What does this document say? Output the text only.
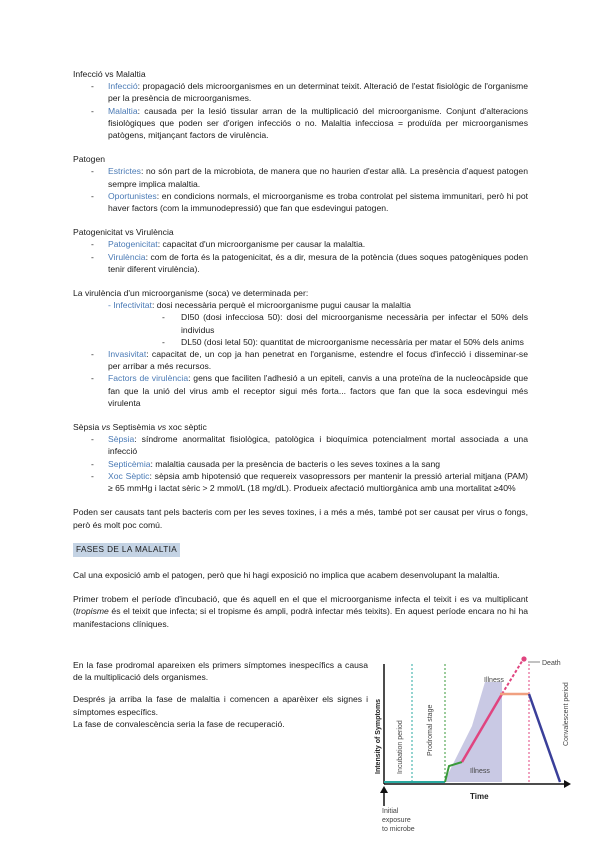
Infecció vs Malaltia

- Infecció: propagació dels microorganismes en un determinat teixit. Alteració de l'estat fisiològic de l'organisme per la presència de microorganismes.
- Malaltia: causada per la lesió tissular arran de la multiplicació del microorganisme. Conjunt d'alteracions fisiològiques que poden ser d'origen infecciós o no. Malaltia infecciosa = produïda per microorganismes patògens, mitjançant factors de virulència.

Patogen

- Estrictes: no són part de la microbiota, de manera que no haurien d'estar allà. La presència d'aquest patogen sempre implica malaltia.
- Oportunistes: en condicions normals, el microorganisme es troba controlat pel sistema immunitari, però hi pot haver factors (com la immunodepressió) que fan que esdevingui patogen.

Patogenicitat vs Virulència

- Patogenicitat: capacitat d'un microorganisme per causar la malaltia.
- Virulència: com de forta és la patogenicitat, és a dir, mesura de la potència (dues soques patogèniques poden tenir diferent virulència).

La virulència d'un microorganisme (soca) ve determinada per:

- Infectivitat: dosi necessària perquè el microorganisme pugui causar la malaltia
- DI50 (dosi infecciosa 50): dosi del microorganisme necessària per infectar el 50% dels individus
- DL50 (dosi letal 50): quantitat de microorganisme necessària per matar el 50% dels anims
- Invasivitat: capacitat de, un cop ja han penetrat en l'organisme, estendre el focus d'infecció i disseminar-se per arribar a més recursos.
- Factors de virulència: gens que faciliten l'adhesió a un epiteli, canvis a una proteïna de la nucleocàpside que fan que la unió del virus amb el receptor sigui més forta... factors que fan que la soca esdevingui més virulenta

Sèpsia vs Septisèmia vs xoc sèptic

- Sèpsia: síndrome anormalitat fisiològica, patològica i bioquímica potencialment mortal associada a una infecció
- Septicèmia: malaltia causada per la presència de bacteris o les seves toxines a la sang
- Xoc Sèptic: sèpsia amb hipotensió que requereix vasopressors per mantenir la pressió arterial mitjana (PAM) ≥ 65 mmHg i lactat sèric > 2 mmol/L (18 mg/dL). Produeix afectació multiorgànica amb una mortalitat ≥40%

Poden ser causats tant pels bacteris com per les seves toxines, i a més a més, també pot ser causat per virus o fongs, però és molt poc comú.

FASES DE LA MALALTIA

Cal una exposició amb el patogen, però que hi hagi exposició no implica que acabem desenvolupant la malaltia.

Primer trobem el període d'incubació, que és aquell en el que el microorganisme infecta el teixit i es va multiplicant (tropisme és el teixit que infecta; si el tropisme és ampli, podrà infectar més teixits). En aquest període encara no hi ha manifestacions clíniques.

En la fase prodromal apareixen els primers símptomes inespecífics a causa de la multiplicació dels organismes.

Després ja arriba la fase de malaltia i comencen a aparèixer els signes i símptomes específics.

La fase de convalescència seria la fase de recuperació.	Intensity of Symptoms
Time
Incubation period	Prodromal stage	Convalescent period
Illness
Illness
Death
Initial
exposure
to microbe
